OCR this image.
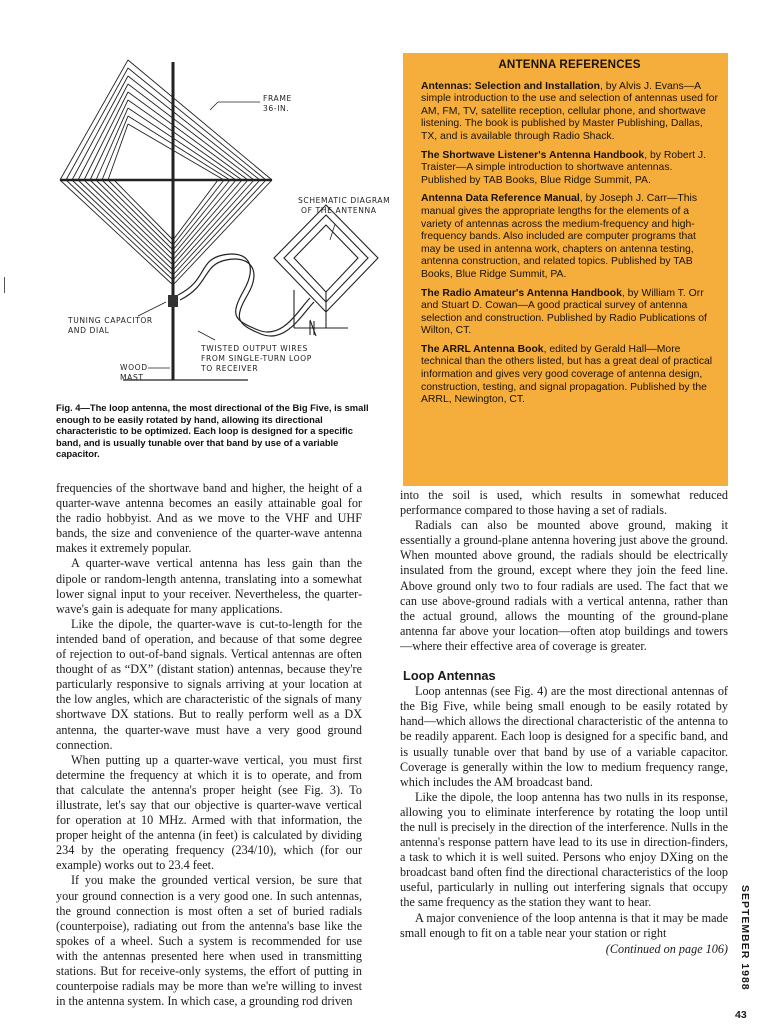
FRAME
36-IN.
SCHEMATIC DIAGRAM
OF THE ANTENNA
TUNING CAPACITOR
AND DIAL
TWISTED OUTPUT WIRES
FROM SINGLE-TURN LOOP
TO RECEIVER
WOOD
MAST
Fig. 4—The loop antenna, the most directional of the Big Five, is small enough to be easily rotated by hand, allowing its directional characteristic to be optimized. Each loop is designed for a specific band, and is usually tunable over that band by use of a variable capacitor.
ANTENNA REFERENCES
Antennas: Selection and Installation, by Alvis J. Evans—A simple introduction to the use and selection of antennas used for AM, FM, TV, satellite reception, cellular phone, and shortwave listening. The book is published by Master Publishing, Dallas, TX, and is available through Radio Shack.
The Shortwave Listener's Antenna Handbook, by Robert J. Traister—A simple introduction to shortwave antennas. Published by TAB Books, Blue Ridge Summit, PA.
Antenna Data Reference Manual, by Joseph J. Carr—This manual gives the appropriate lengths for the elements of a variety of antennas across the medium-frequency and high-frequency bands. Also included are computer programs that may be used in antenna work, chapters on antenna testing, antenna construction, and related topics. Published by TAB Books, Blue Ridge Summit, PA.
The Radio Amateur's Antenna Handbook, by William T. Orr and Stuart D. Cowan—A good practical survey of antenna selection and construction. Published by Radio Publications of Wilton, CT.
The ARRL Antenna Book, edited by Gerald Hall—More technical than the others listed, but has a great deal of practical information and gives very good coverage of antenna design, construction, testing, and signal propagation. Published by the ARRL, Newington, CT.

frequencies of the shortwave band and higher, the height of a quarter-wave antenna becomes an easily attainable goal for the radio hobbyist. And as we move to the VHF and UHF bands, the size and convenience of the quarter-wave antenna makes it extremely popular.

A quarter-wave vertical antenna has less gain than the dipole or random-length antenna, translating into a somewhat lower signal input to your receiver. Nevertheless, the quarter-wave's gain is adequate for many applications.

Like the dipole, the quarter-wave is cut-to-length for the intended band of operation, and because of that some degree of rejection to out-of-band signals. Vertical antennas are often thought of as “DX” (distant station) antennas, because they're particularly responsive to signals arriving at your location at the low angles, which are characteristic of the signals of many shortwave DX stations. But to really perform well as a DX antenna, the quarter-wave must have a very good ground connection.

When putting up a quarter-wave vertical, you must first determine the frequency at which it is to operate, and from that calculate the antenna's proper height (see Fig. 3). To illustrate, let's say that our objective is quarter-wave vertical for operation at 10 MHz. Armed with that information, the proper height of the antenna (in feet) is calculated by dividing 234 by the operating frequency (234/10), which (for our example) works out to 23.4 feet.

If you make the grounded vertical version, be sure that your ground connection is a very good one. In such antennas, the ground connection is most often a set of buried radials (counterpoise), radiating out from the antenna's base like the spokes of a wheel. Such a system is recommended for use with the antennas presented here when used in transmitting stations. But for receive-only systems, the effort of putting in counterpoise radials may be more than we're willing to invest in the antenna system. In which case, a grounding rod driven

into the soil is used, which results in somewhat reduced performance compared to those having a set of radials.

Radials can also be mounted above ground, making it essentially a ground-plane antenna hovering just above the ground. When mounted above ground, the radials should be electrically insulated from the ground, except where they join the feed line. Above ground only two to four radials are used. The fact that we can use above-ground radials with a vertical antenna, rather than the actual ground, allows the mounting of the ground-plane antenna far above your location—often atop buildings and towers—where their effective area of coverage is greater.

Loop Antennas

Loop antennas (see Fig. 4) are the most directional antennas of the Big Five, while being small enough to be easily rotated by hand—which allows the directional characteristic of the antenna to be readily apparent. Each loop is designed for a specific band, and is usually tunable over that band by use of a variable capacitor. Coverage is generally within the low to medium frequency range, which includes the AM broadcast band.

Like the dipole, the loop antenna has two nulls in its response, allowing you to eliminate interference by rotating the loop until the null is precisely in the direction of the interference. Nulls in the antenna's response pattern have lead to its use in direction-finders, a task to which it is well suited. Persons who enjoy DXing on the broadcast band often find the directional characteristics of the loop useful, particularly in nulling out interfering signals that occupy the same frequency as the station they want to hear.

A major convenience of the loop antenna is that it may be made small enough to fit on a table near your station or right

(Continued on page 106) SEPTEMBER 1988
43
